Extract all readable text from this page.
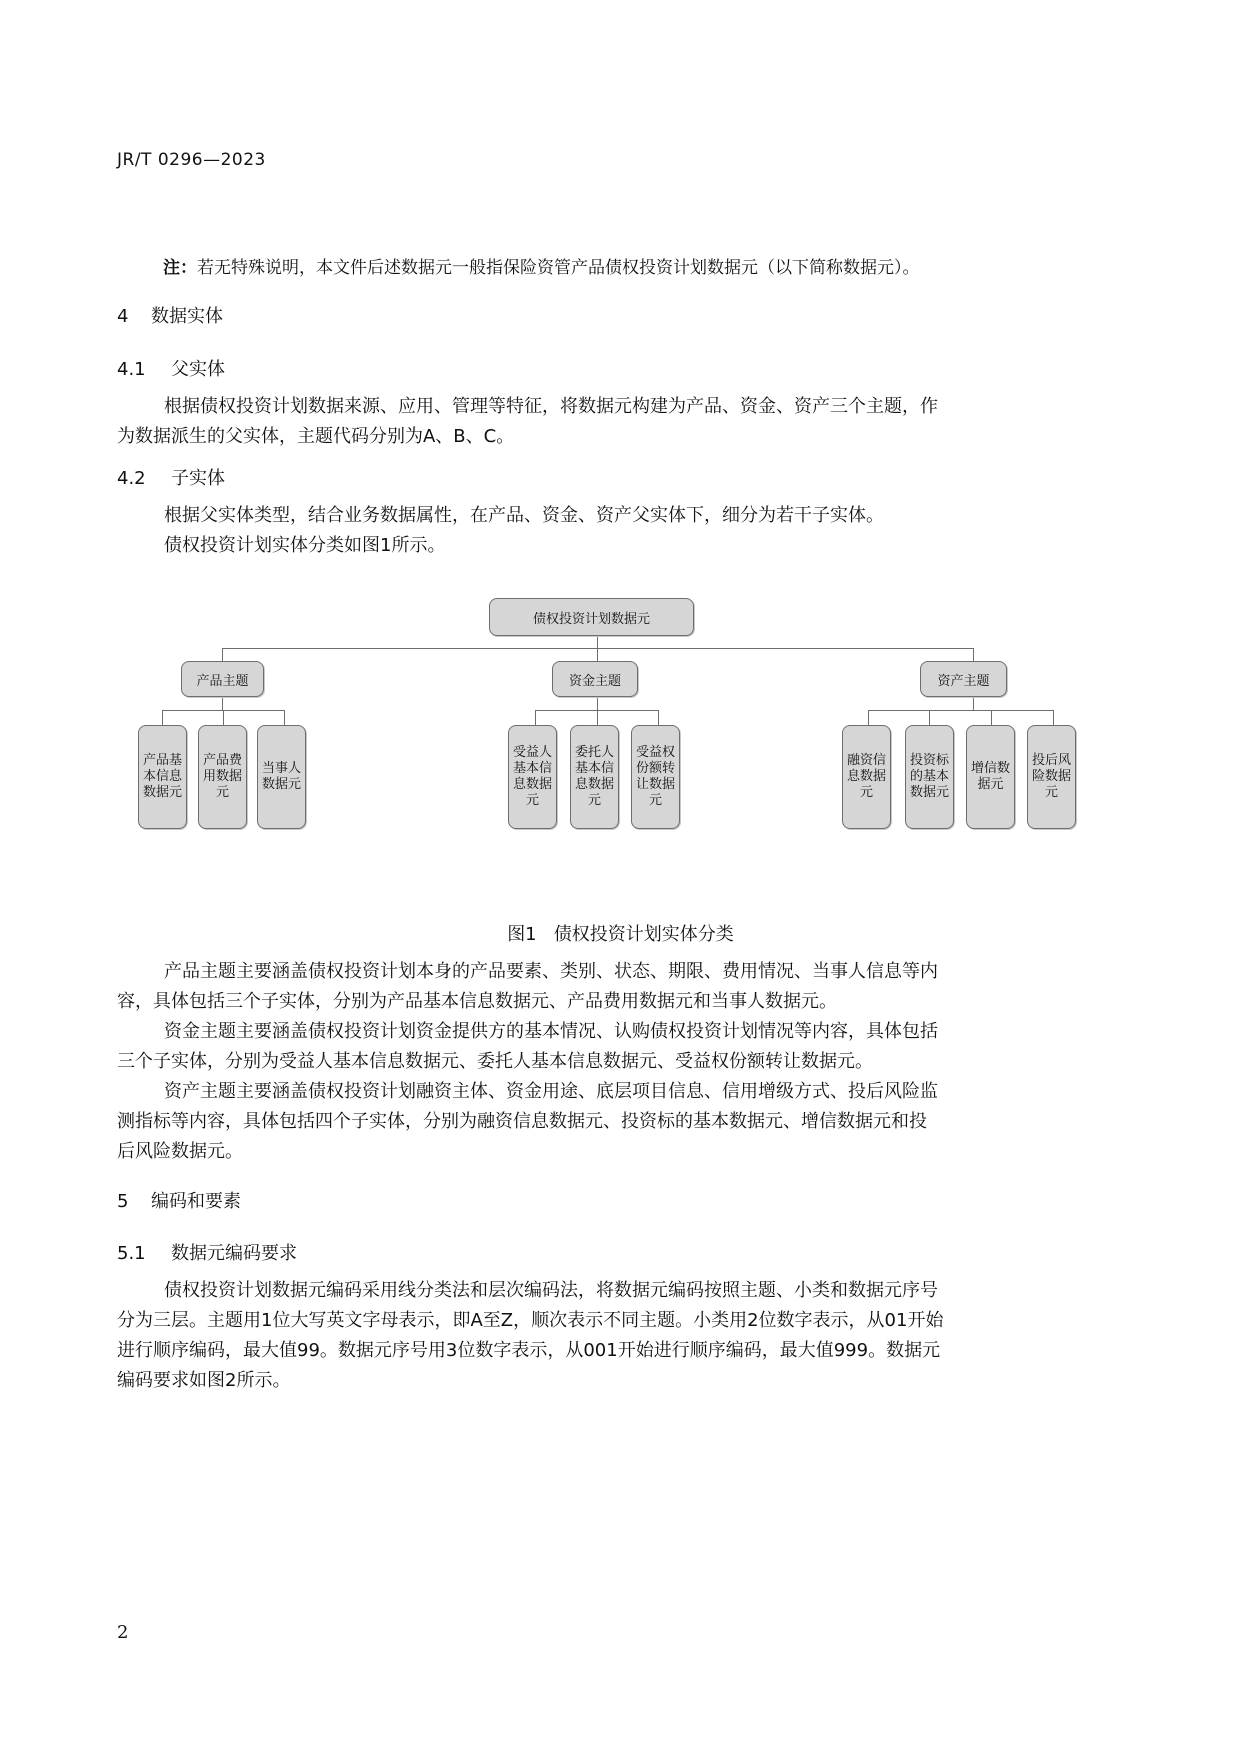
JR/T 0296—2023
注：若无特殊说明，本文件后述数据元一般指保险资管产品债权投资计划数据元（以下简称数据元）。
4 数据实体
4.1 父实体
根据债权投资计划数据来源、应用、管理等特征，将数据元构建为产品、资金、资产三个主题，作
为数据派生的父实体，主题代码分别为A、B、C。
4.2 子实体
根据父实体类型，结合业务数据属性，在产品、资金、资产父实体下，细分为若干子实体。
债权投资计划实体分类如图1所示。
债权投资计划数据元
产品主题	资金主题	资产主题
产品基本信息数据元
产品费用数据元
当事人数据元
受益人基本信息数据元
委托人基本信息数据元
受益权份额转让数据元
融资信息数据元
投资标的基本数据元
增信数据元
投后风险数据元
图1 债权投资计划实体分类
产品主题主要涵盖债权投资计划本身的产品要素、类别、状态、期限、费用情况、当事人信息等内
容，具体包括三个子实体，分别为产品基本信息数据元、产品费用数据元和当事人数据元。
资金主题主要涵盖债权投资计划资金提供方的基本情况、认购债权投资计划情况等内容，具体包括
三个子实体，分别为受益人基本信息数据元、委托人基本信息数据元、受益权份额转让数据元。
资产主题主要涵盖债权投资计划融资主体、资金用途、底层项目信息、信用增级方式、投后风险监
测指标等内容，具体包括四个子实体，分别为融资信息数据元、投资标的基本数据元、增信数据元和投
后风险数据元。
5 编码和要素
5.1 数据元编码要求
债权投资计划数据元编码采用线分类法和层次编码法，将数据元编码按照主题、小类和数据元序号
分为三层。主题用1位大写英文字母表示，即A至Z，顺次表示不同主题。小类用2位数字表示，从01开始
进行顺序编码，最大值99。数据元序号用3位数字表示，从001开始进行顺序编码，最大值999。数据元
编码要求如图2所示。
2
